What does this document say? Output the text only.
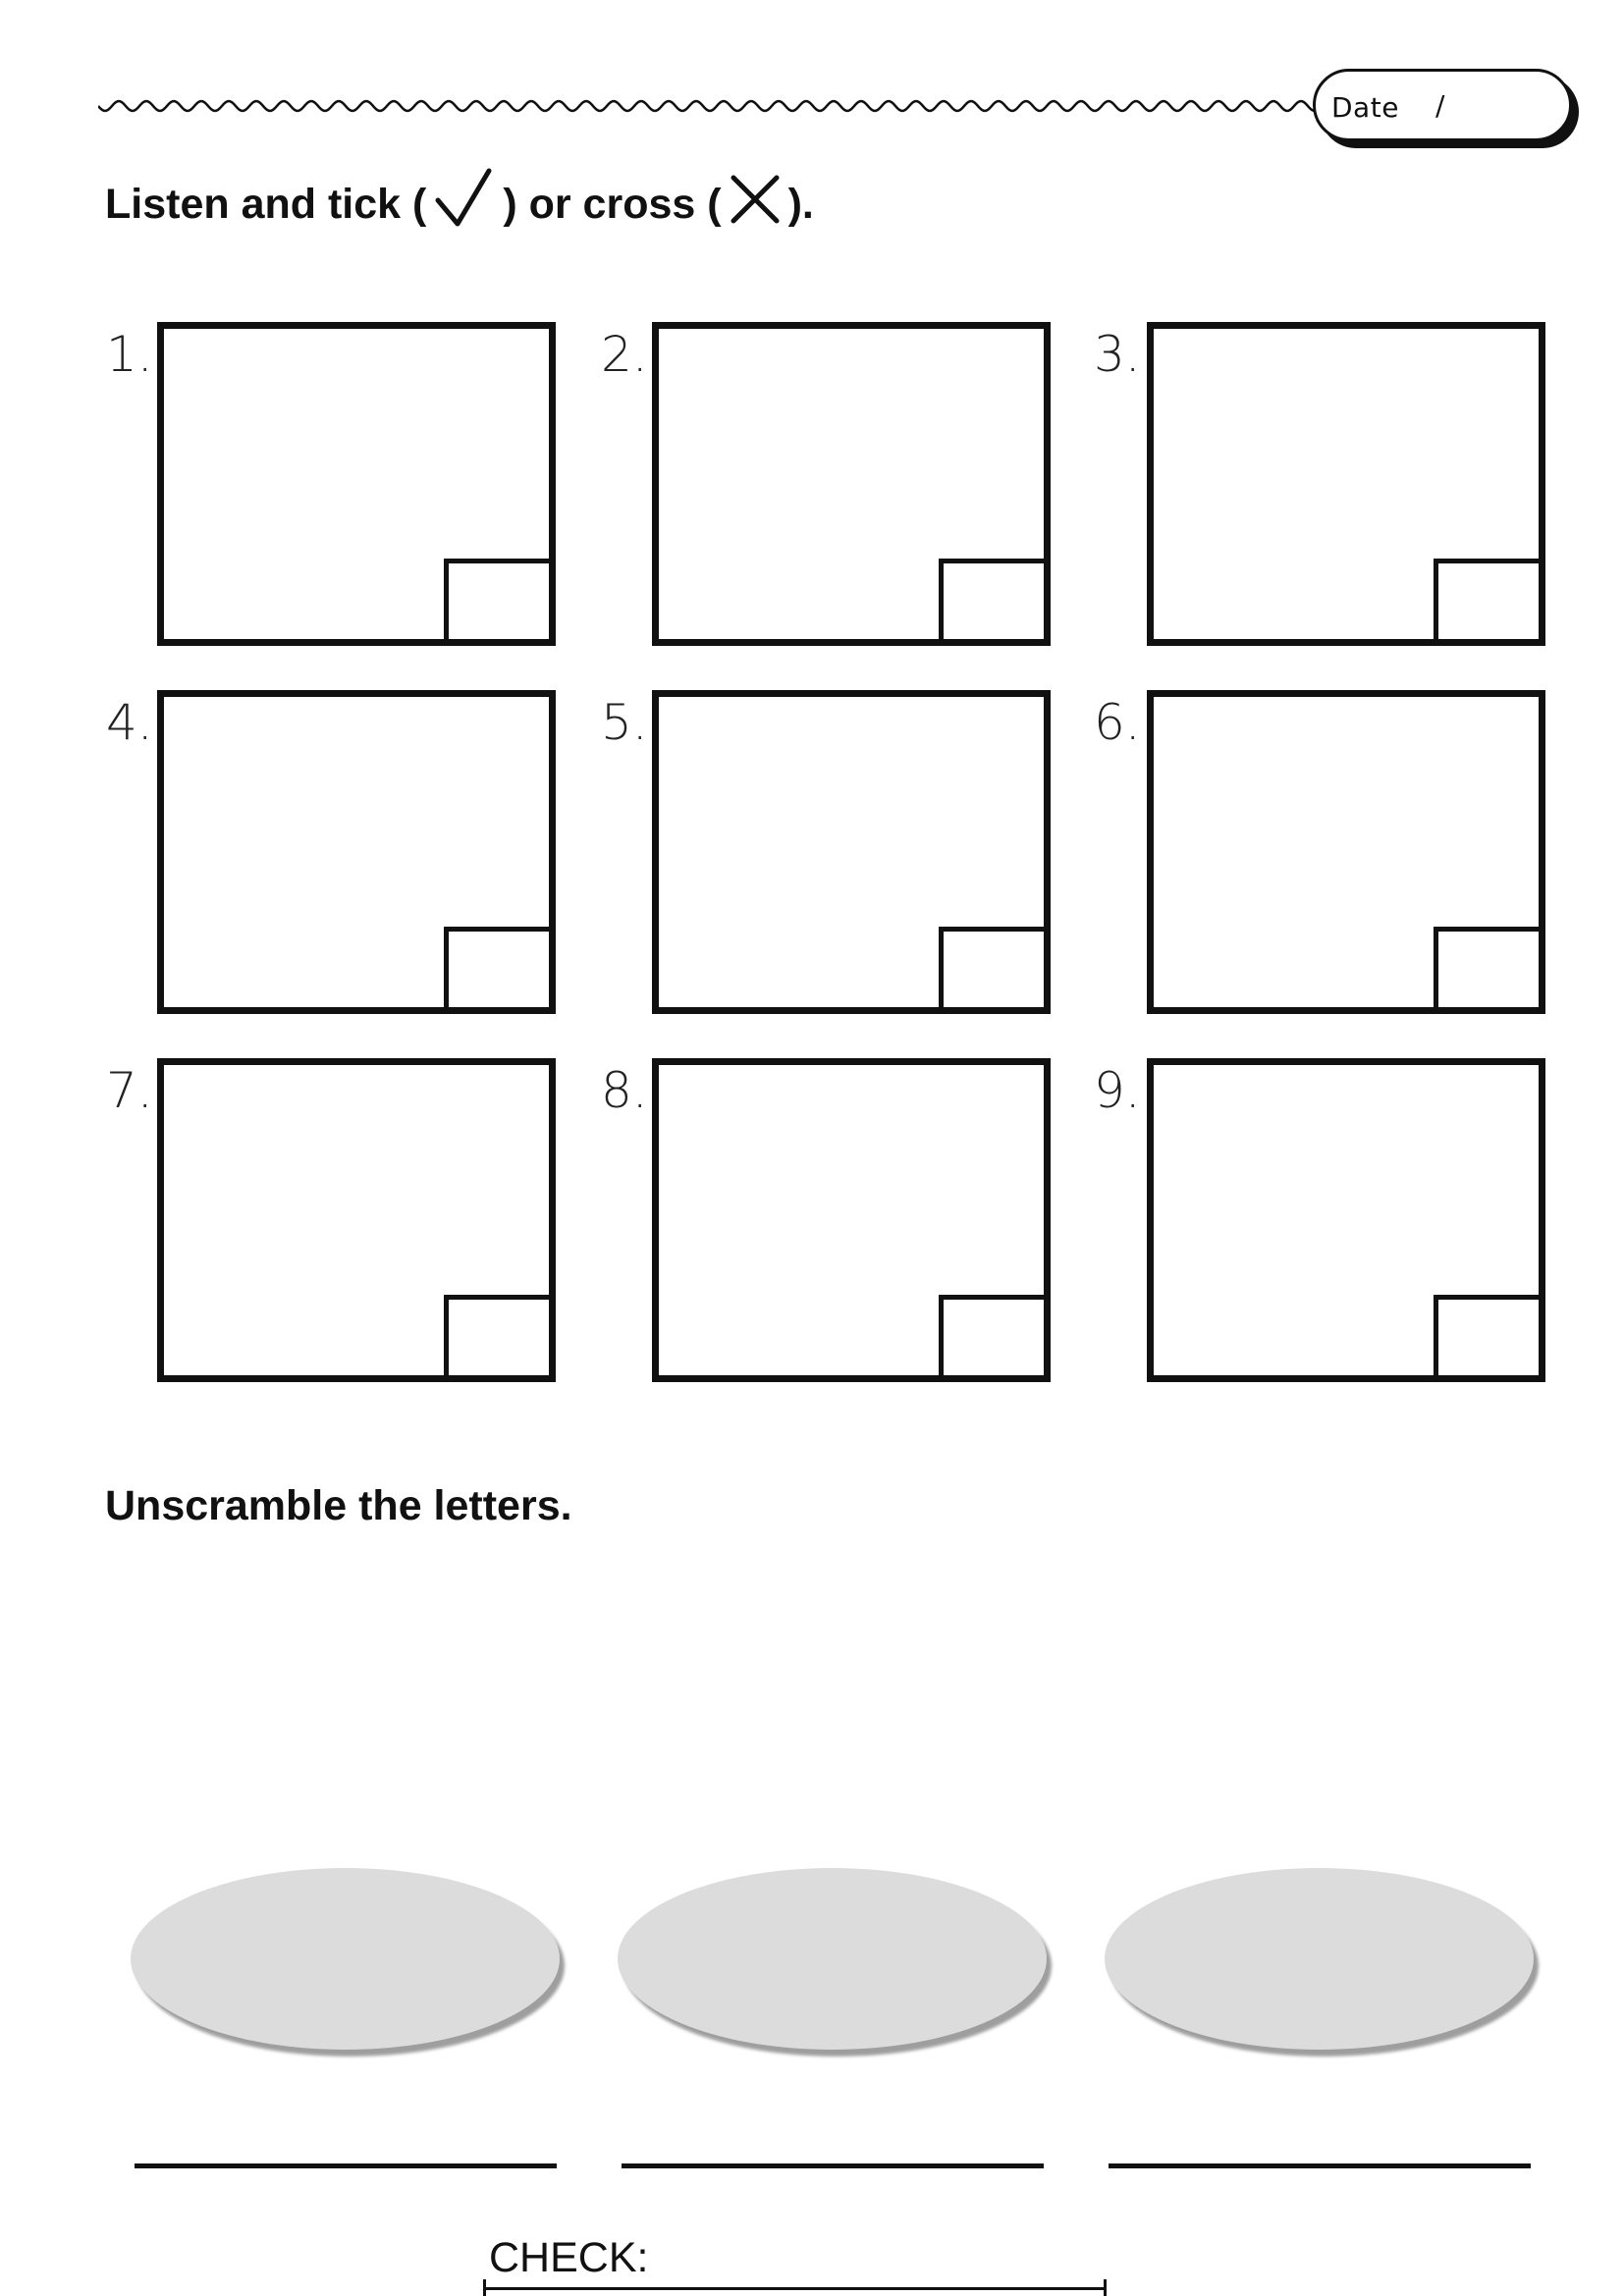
Date /
Listen and tick ( ) or cross ( ).
1.	2.	3.
4.	5.	6.
7.	8.	9.
Unscramble the letters.
CHECK:
